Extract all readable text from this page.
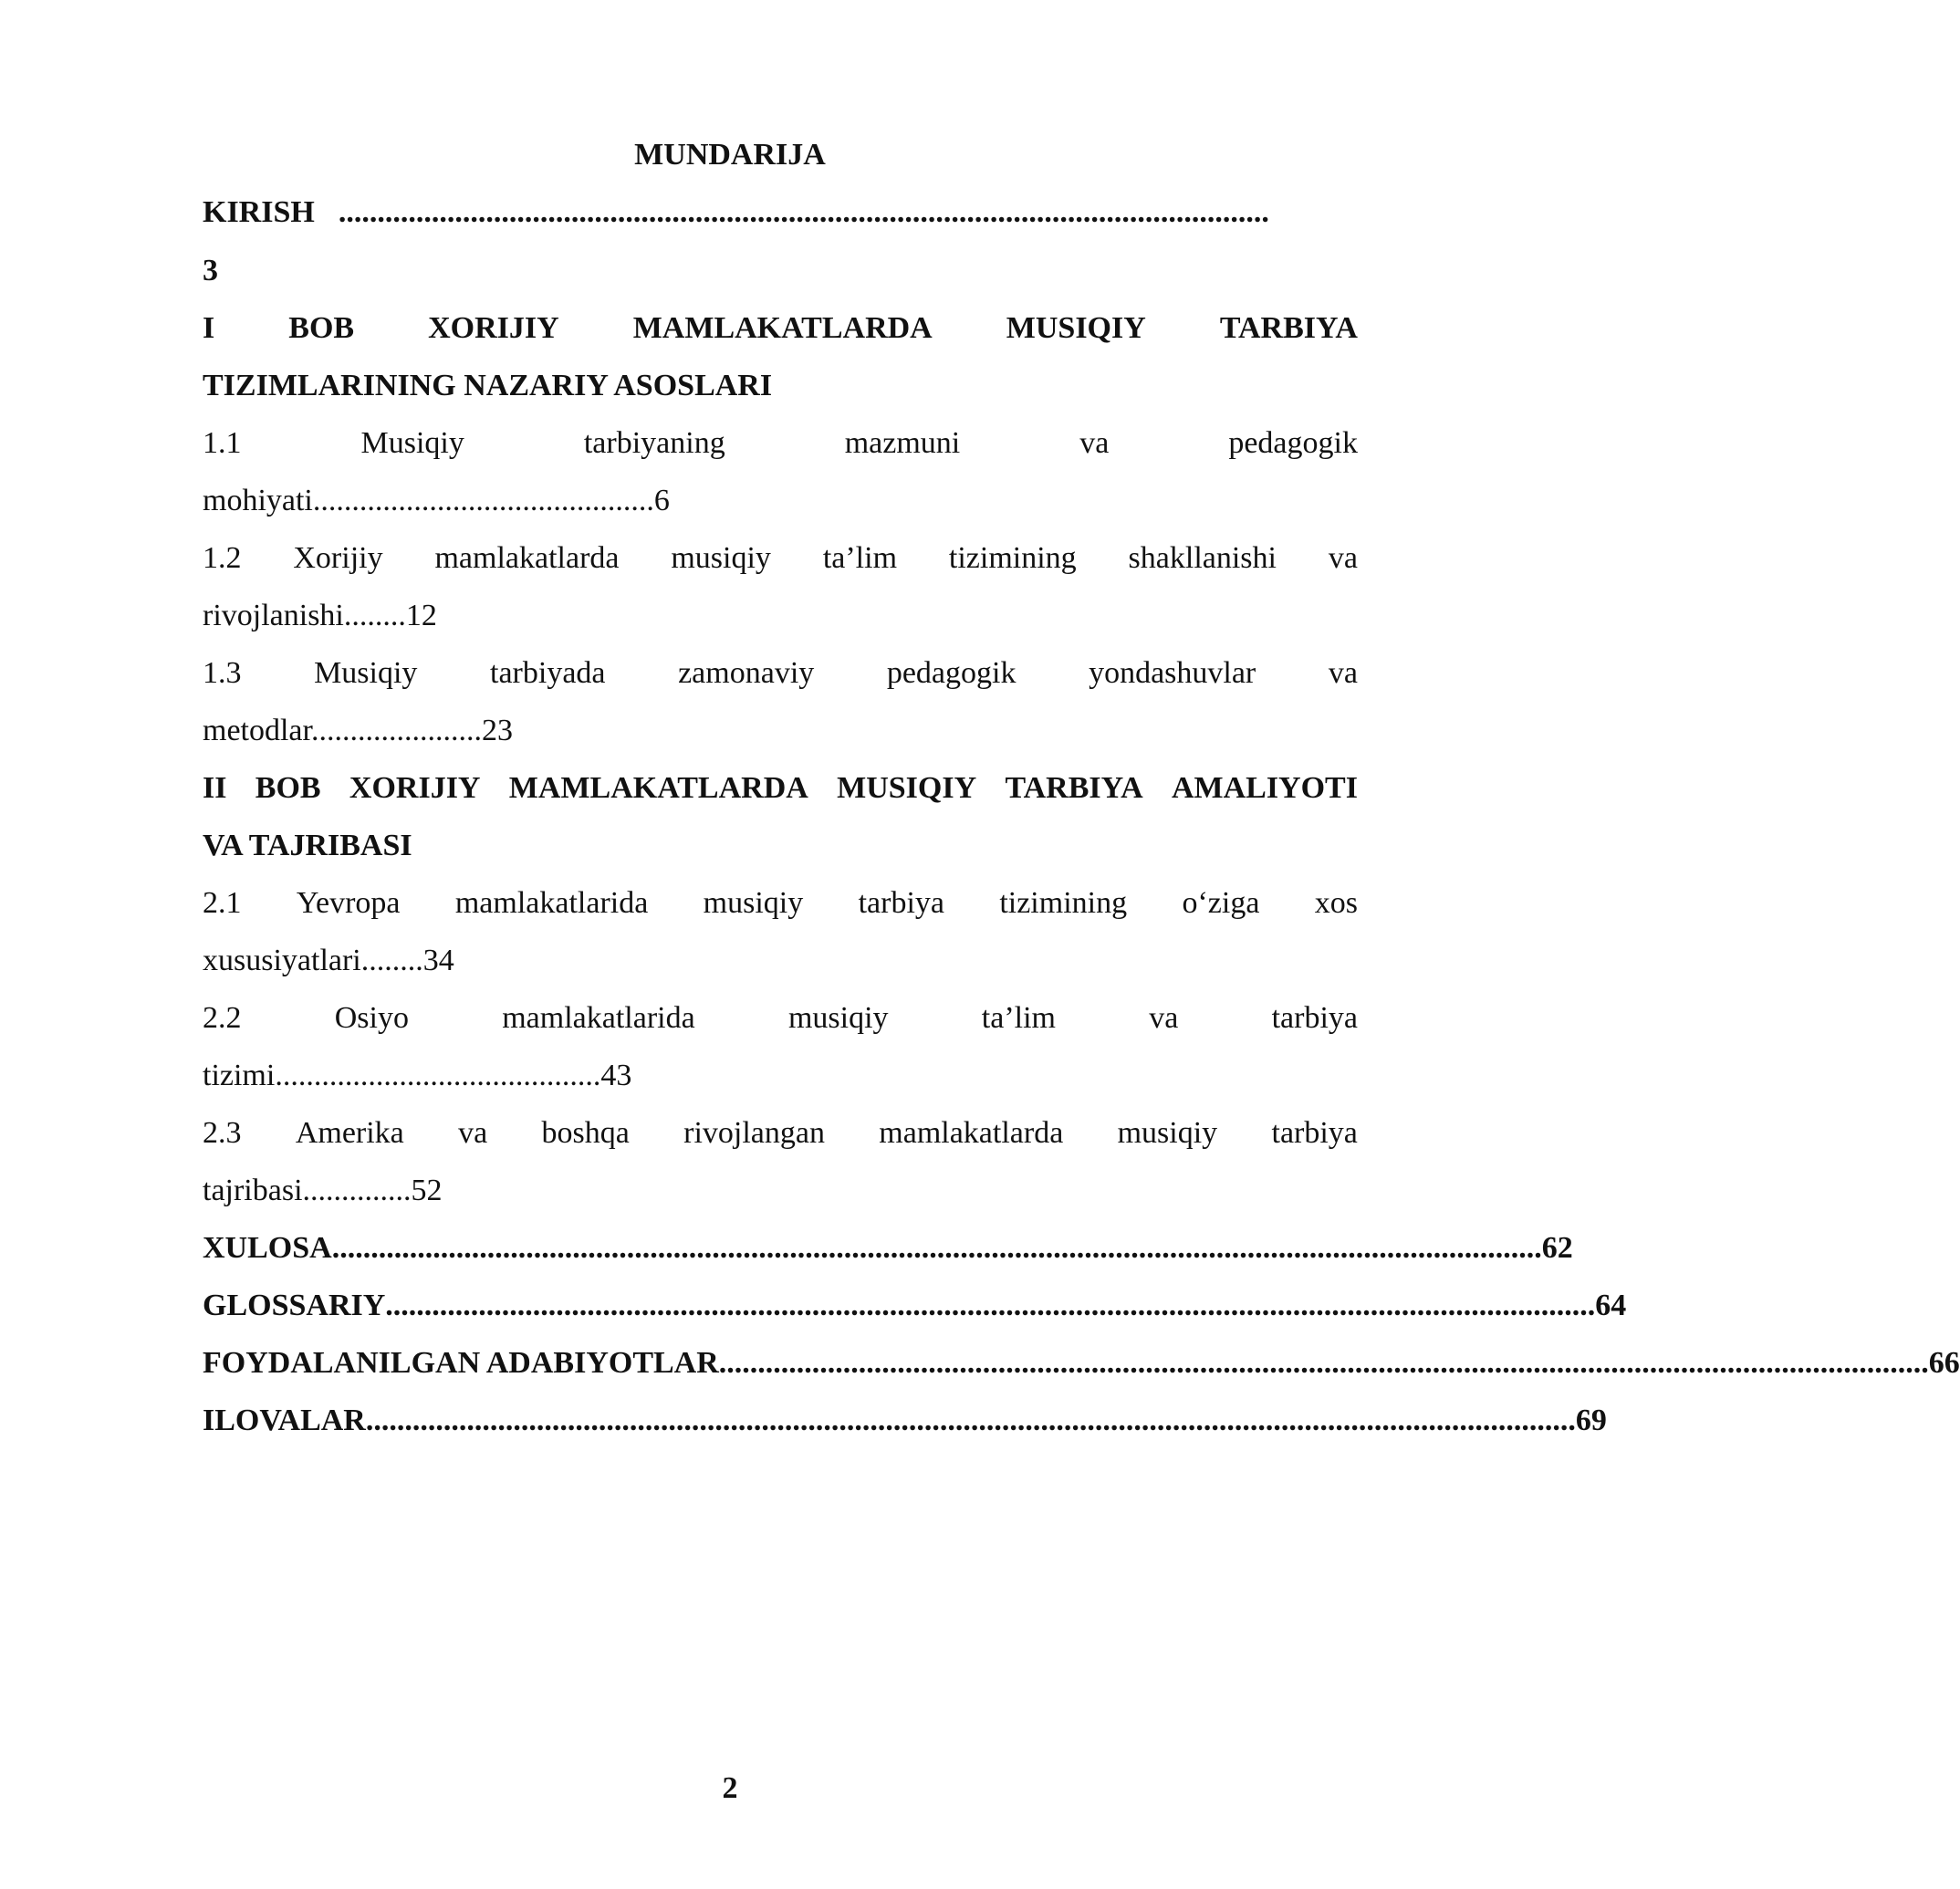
MUNDARIJA
KIRISH ........................................................................................................................
3
I BOB XORIJIY MAMLAKATLARDA MUSIQIY TARBIYA
TIZIMLARINING NAZARIY ASOSLARI
1.1	Musiqiy	tarbiyaning	mazmuni	va	pedagogik
mohiyati............................................6
1.2 Xorijiy mamlakatlarda musiqiy ta’lim tizimining shakllanishi va
rivojlanishi........12
1.3 Musiqiy tarbiyada zamonaviy pedagogik yondashuvlar va
metodlar......................23
II BOB XORIJIY MAMLAKATLARDA MUSIQIY TARBIYA AMALIYOTI
VA TAJRIBASI
2.1 Yevropa mamlakatlarida musiqiy tarbiya tizimining o‘ziga xos
xususiyatlari........34
2.2	Osiyo	mamlakatlarida	musiqiy	ta’lim	va	tarbiya
tizimi..........................................43
2.3 Amerika va boshqa rivojlangan mamlakatlarda musiqiy tarbiya
tajribasi..............52
XULOSA ............................................................................................................................................................ 62
GLOSSARIY ............................................................................................................................................................ 64
FOYDALANILGAN ADABIYOTLAR ............................................................................................................................................................ 66
ILOVALAR ............................................................................................................................................................ 69
2
